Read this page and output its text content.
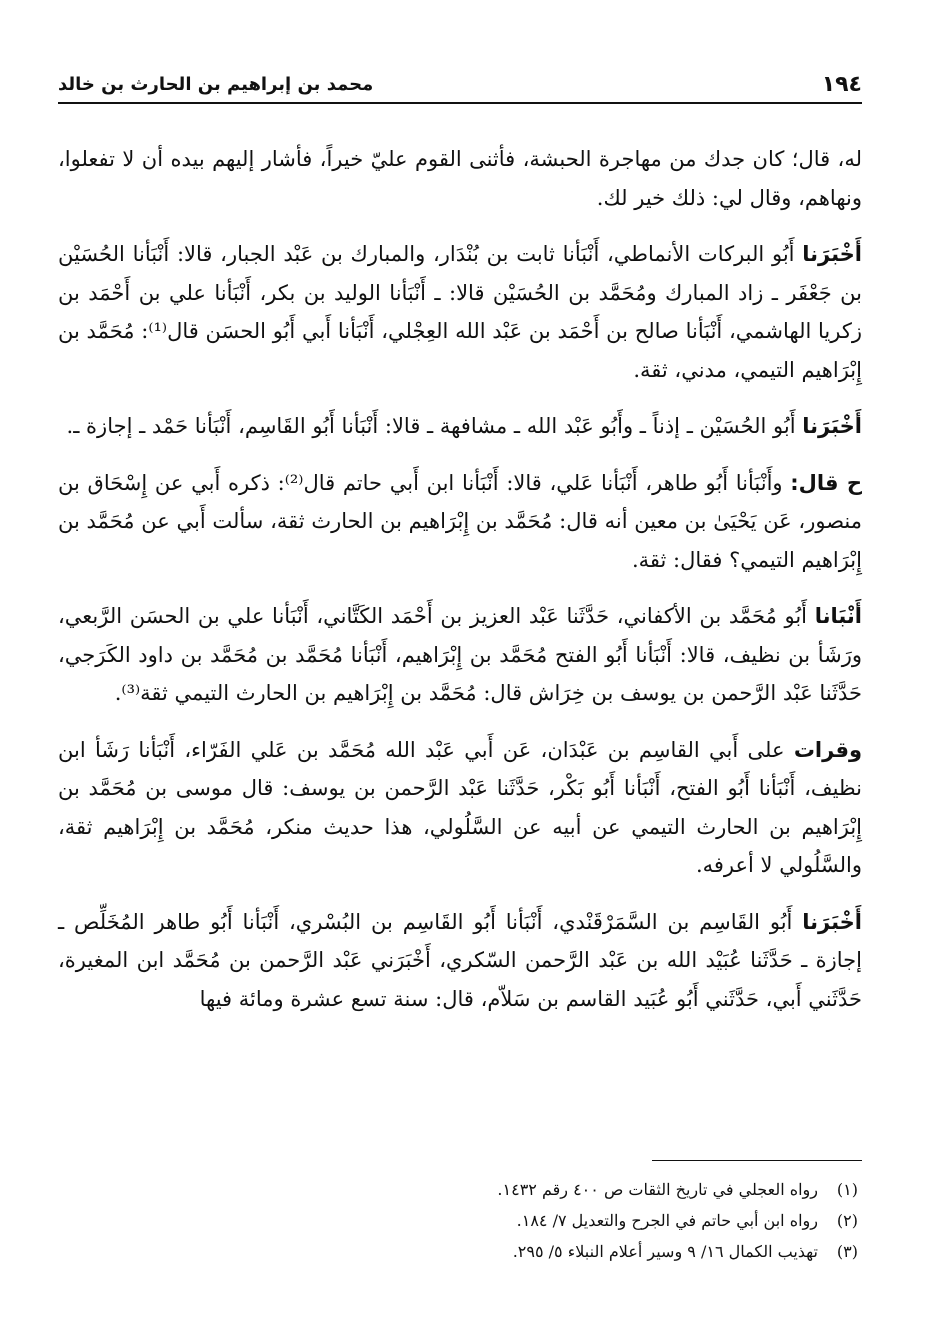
١٩٤
محمد بن إبراهيم بن الحارث بن خالد

له، قال؛ كان جدك من مهاجرة الحبشة، فأثنى القوم عليّ خيراً، فأشار إليهم بيده أن لا تفعلوا، ونهاهم، وقال لي: ذلك خير لك.

أَخْبَرَنا أَبُو البركات الأنماطي، أَنْبَأنا ثابت بن بُنْدَار، والمبارك بن عَبْد الجبار، قالا: أَنْبَأنا الحُسَيْن بن جَعْفَر ـ زاد المبارك ومُحَمَّد بن الحُسَيْن قالا: ـ أَنْبَأنا الوليد بن بكر، أَنْبَأنا علي بن أَحْمَد بن زكريا الهاشمي، أَنْبَأنا صالح بن أَحْمَد بن عَبْد الله العِجْلي، أَنْبَأنا أَبي أَبُو الحسَن قال⁽¹⁾: مُحَمَّد بن إِبْرَاهيم التيمي، مدني، ثقة.

أَخْبَرَنا أَبُو الحُسَيْن ـ إذناً ـ وأَبُو عَبْد الله ـ مشافهة ـ قالا: أَنْبَأنا أَبُو القَاسِم، أَنْبَأنا حَمْد ـ إجازة ـ.

ح قال: وأَنْبَأنا أَبُو طاهر، أَنْبَأنا عَلي، قالا: أَنْبَأنا ابن أَبي حاتم قال⁽²⁾: ذكره أَبي عن إِسْحَاق بن منصور، عَن يَحْيَىٰ بن معين أنه قال: مُحَمَّد بن إِبْرَاهيم بن الحارث ثقة، سألت أَبي عن مُحَمَّد بن إِبْرَاهيم التيمي؟ فقال: ثقة.

أَنْبَانا أَبُو مُحَمَّد بن الأكفاني، حَدَّثَنا عَبْد العزيز بن أَحْمَد الكَتَّاني، أَنْبَأنا علي بن الحسَن الرَّبعي، ورَشَأ بن نظيف، قالا: أَنْبَأنا أَبُو الفتح مُحَمَّد بن إِبْرَاهيم، أَنْبَأنا مُحَمَّد بن مُحَمَّد بن داود الكَرَجي، حَدَّثَنا عَبْد الرَّحمن بن يوسف بن خِرَاش قال: مُحَمَّد بن إِبْرَاهيم بن الحارث التيمي ثقة⁽³⁾.

وقرات على أَبي القاسِم بن عَبْدَان، عَن أَبي عَبْد الله مُحَمَّد بن عَلي الفَرّاء، أَنْبَأنا رَشَأ ابن نظيف، أَنْبَأنا أَبُو الفتح، أَنْبَأنا أَبُو بَكْر، حَدَّثَنا عَبْد الرَّحمن بن يوسف: قال موسى بن مُحَمَّد بن إِبْرَاهيم بن الحارث التيمي عن أبيه عن السَّلُولي، هذا حديث منكر، مُحَمَّد بن إِبْرَاهيم ثقة، والسَّلُولي لا أعرفه.

أَخْبَرَنا أَبُو القَاسِم بن السَّمَرْقَنْدي، أَنْبَأنا أَبُو القَاسِم بن البُسْري، أَنْبَأنا أَبُو طاهر المُخَلِّص ـ إجازة ـ حَدَّثَنا عُبَيْد الله بن عَبْد الرَّحمن السّكري، أَخْبَرَني عَبْد الرَّحمن بن مُحَمَّد ابن المغيرة، حَدَّثَني أَبي، حَدَّثَني أَبُو عُبَيد القاسم بن سَلاّم، قال: سنة تسع عشرة ومائة فيها

(١)
رواه العجلي في تاريخ الثقات ص ٤٠٠ رقم ١٤٣٢.
(٢)
رواه ابن أبي حاتم في الجرح والتعديل ٧/ ١٨٤.
(٣)
تهذيب الكمال ١٦/ ٩ وسير أعلام النبلاء ٥/ ٢٩٥.
